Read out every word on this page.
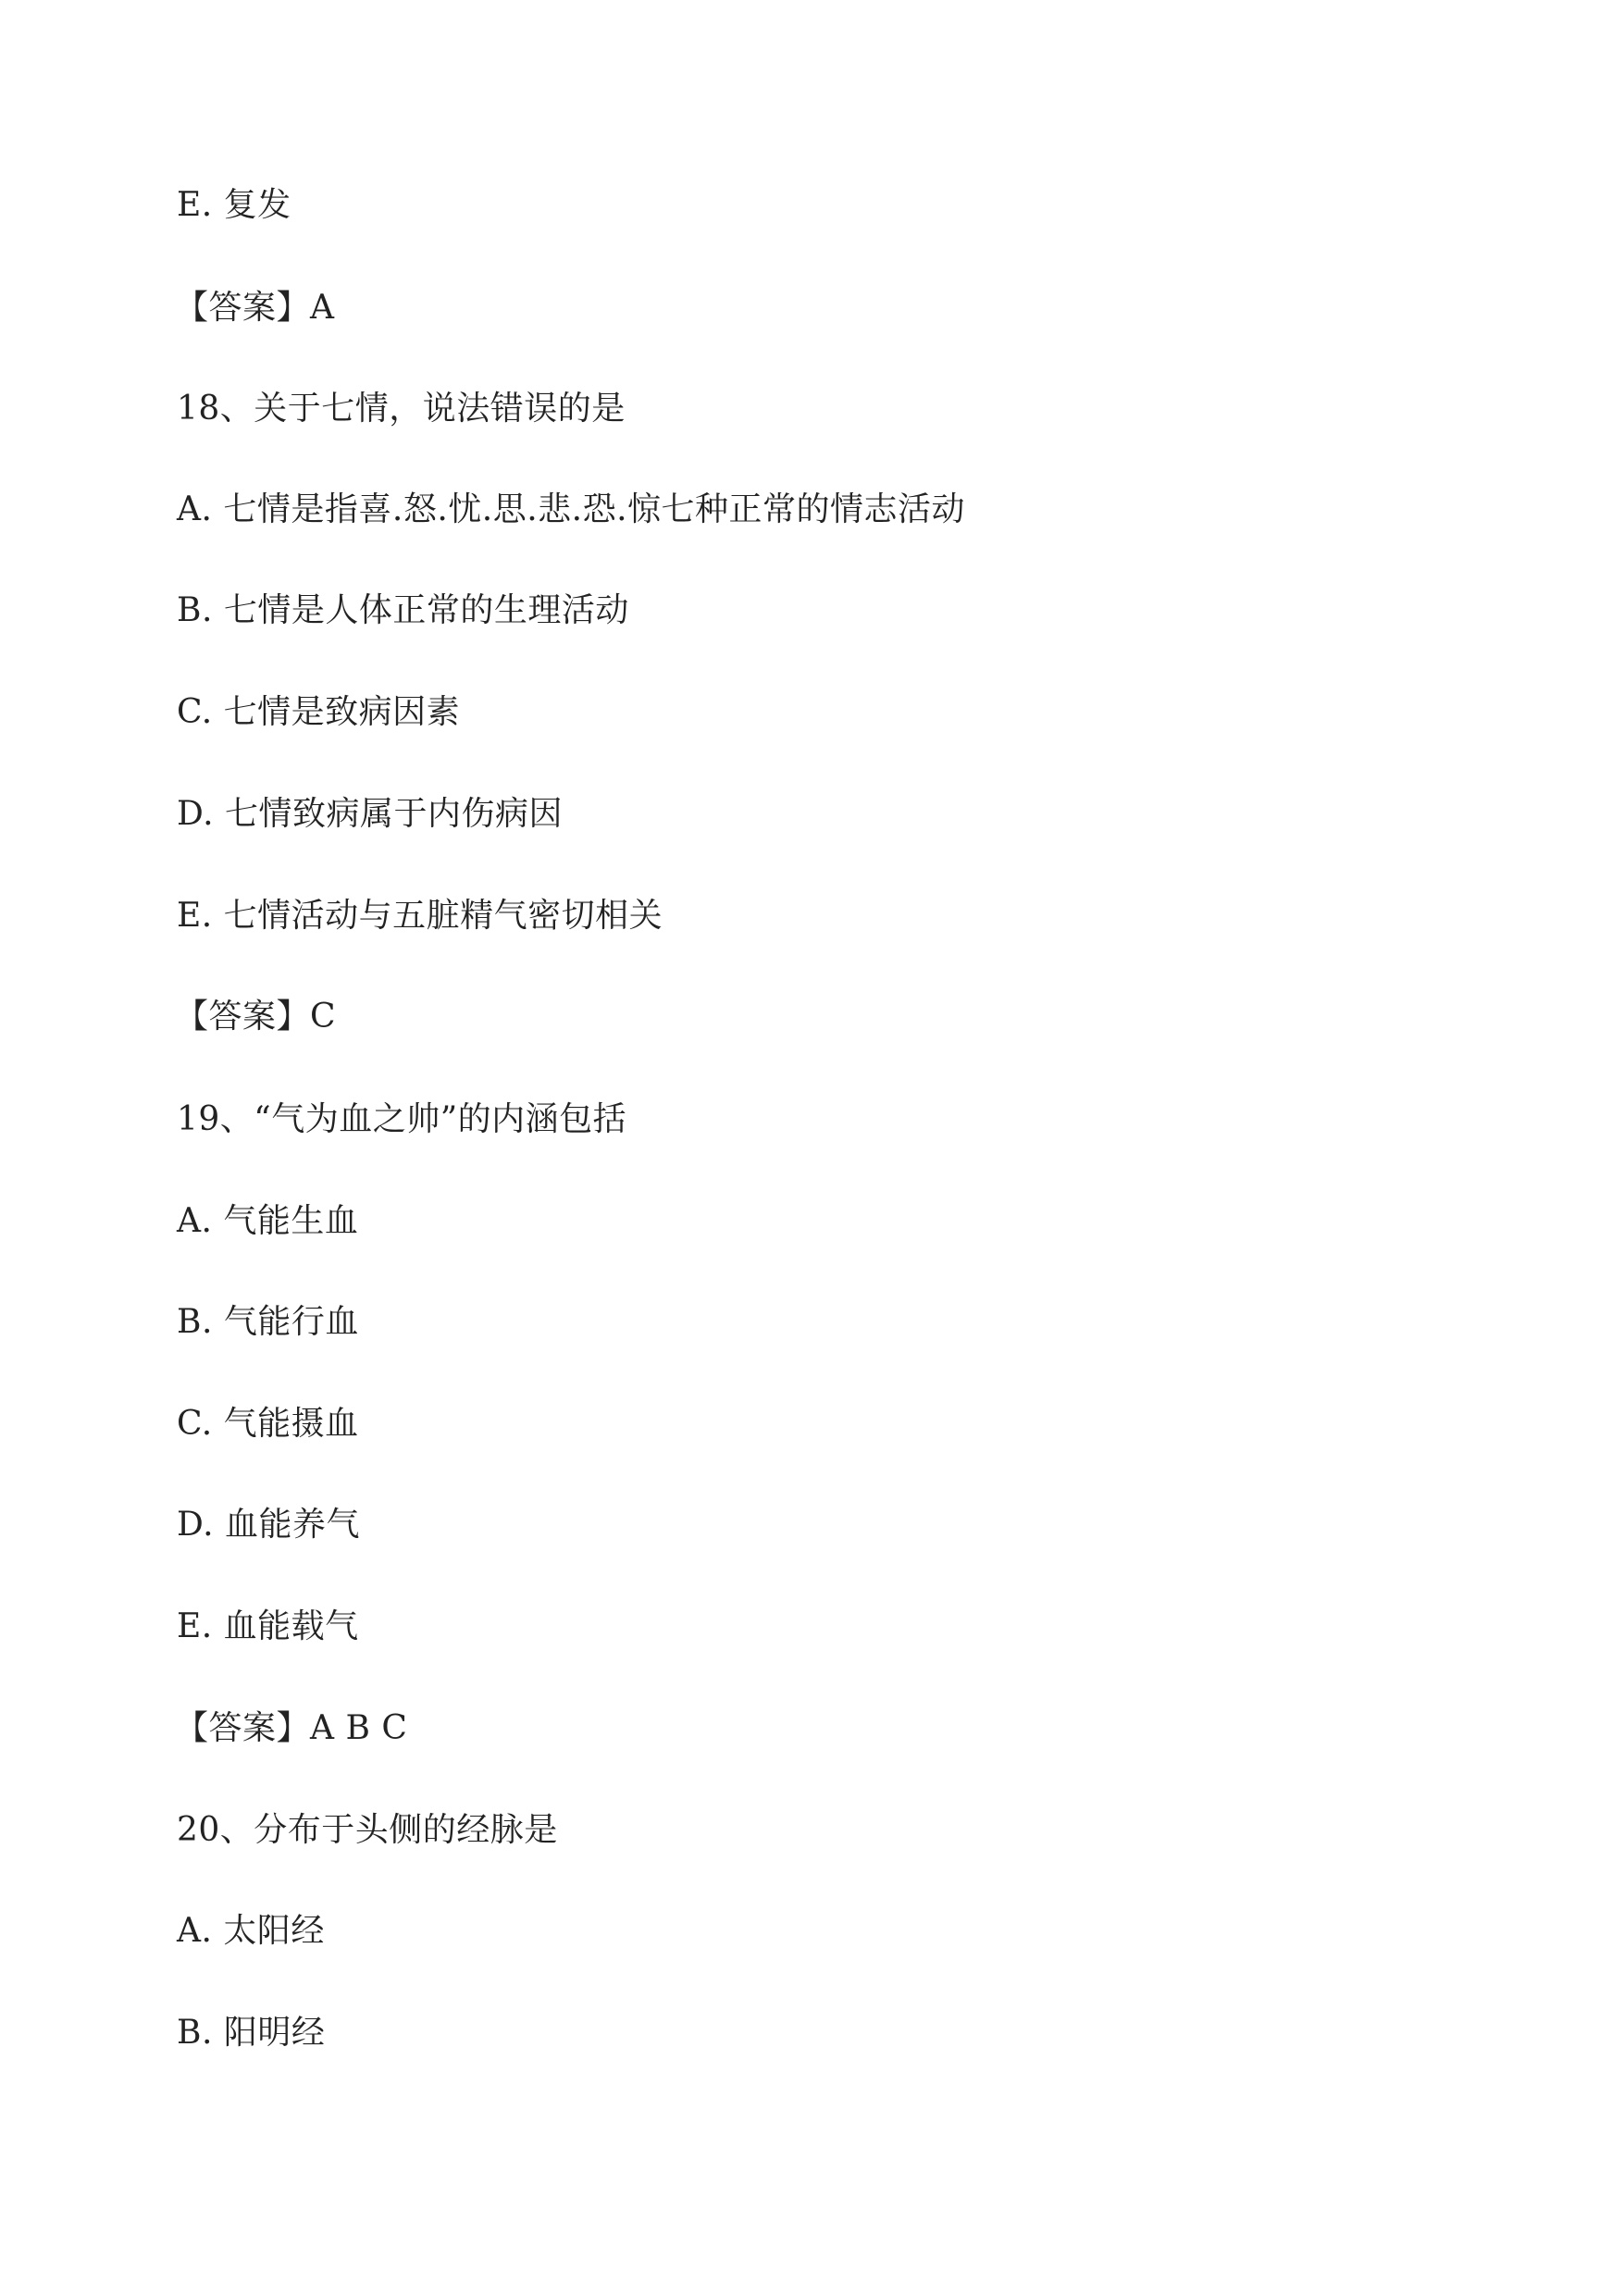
E. 复发
【答案】A
18、关于七情，说法错误的是
A. 七情是指喜.怒.忧.思.悲.恐.惊七种正常的情志活动
B. 七情是人体正常的生理活动
C. 七情是致病因素
D. 七情致病属于内伤病因
E. 七情活动与五脏精气密切相关
【答案】C
19、“气为血之帅”的内涵包括
A. 气能生血
B. 气能行血
C. 气能摄血
D. 血能养气
E. 血能载气
【答案】A B C
20、分布于头侧的经脉是
A. 太阳经
B. 阳明经
